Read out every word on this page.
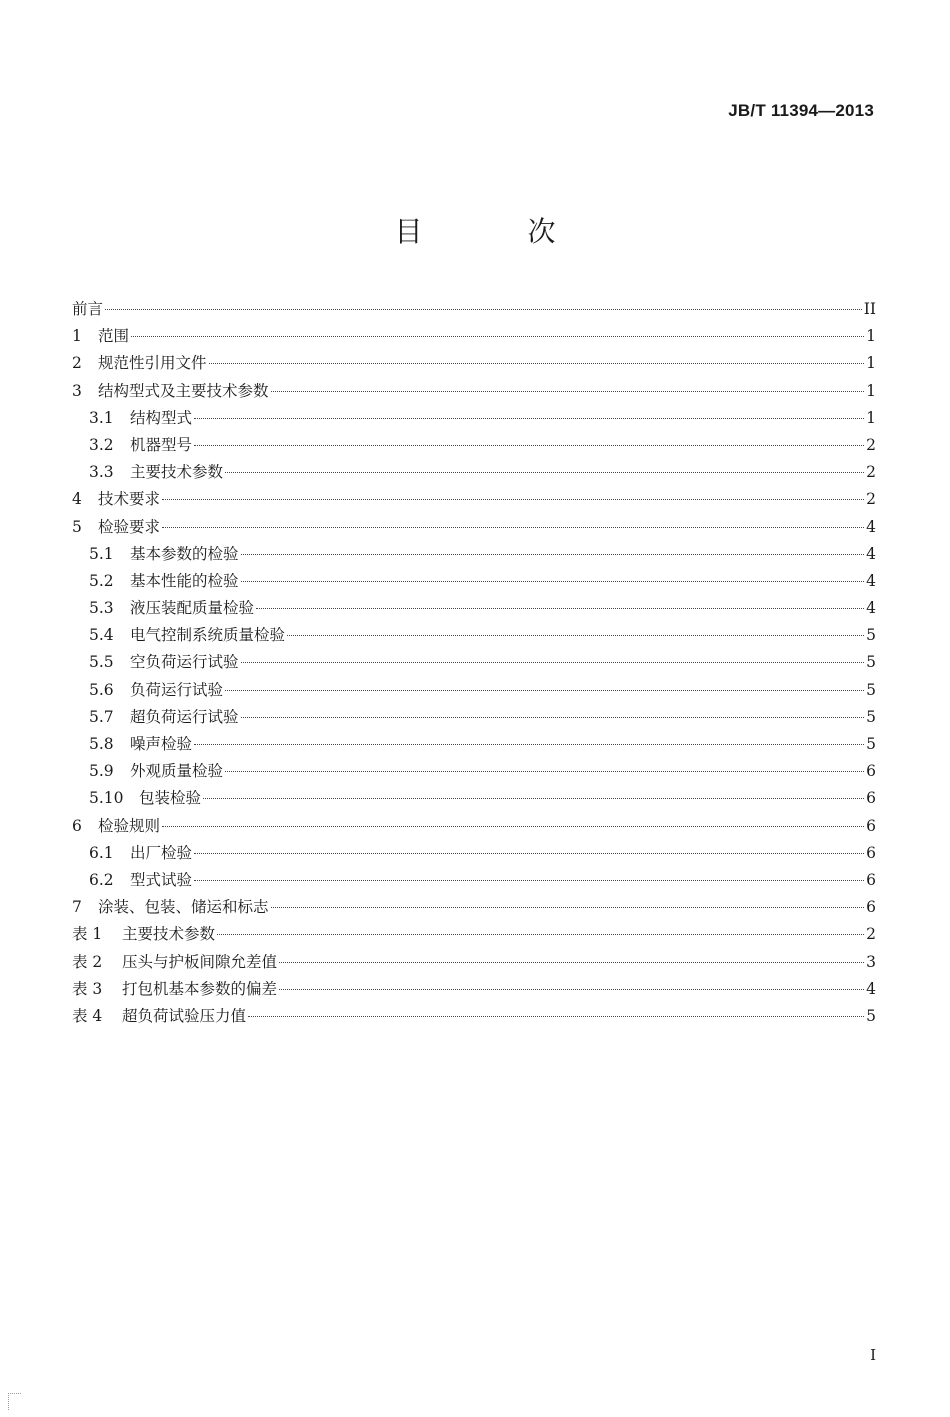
JB/T 11394—2013
目 次
前言	II
1	范围	1
2	规范性引用文件	1
3	结构型式及主要技术参数	1
3.1	结构型式	1
3.2	机器型号	2
3.3	主要技术参数	2
4	技术要求	2
5	检验要求	4
5.1	基本参数的检验	4
5.2	基本性能的检验	4
5.3	液压装配质量检验	4
5.4	电气控制系统质量检验	5
5.5	空负荷运行试验	5
5.6	负荷运行试验	5
5.7	超负荷运行试验	5
5.8	噪声检验	5
5.9	外观质量检验	6
5.10 包装检验	6
6	检验规则	6
6.1	出厂检验	6
6.2	型式试验	6
7	涂装、包装、储运和标志	6
表 1	主要技术参数	2
表 2	压头与护板间隙允差值	3
表 3	打包机基本参数的偏差	4
表 4	超负荷试验压力值	5
I
